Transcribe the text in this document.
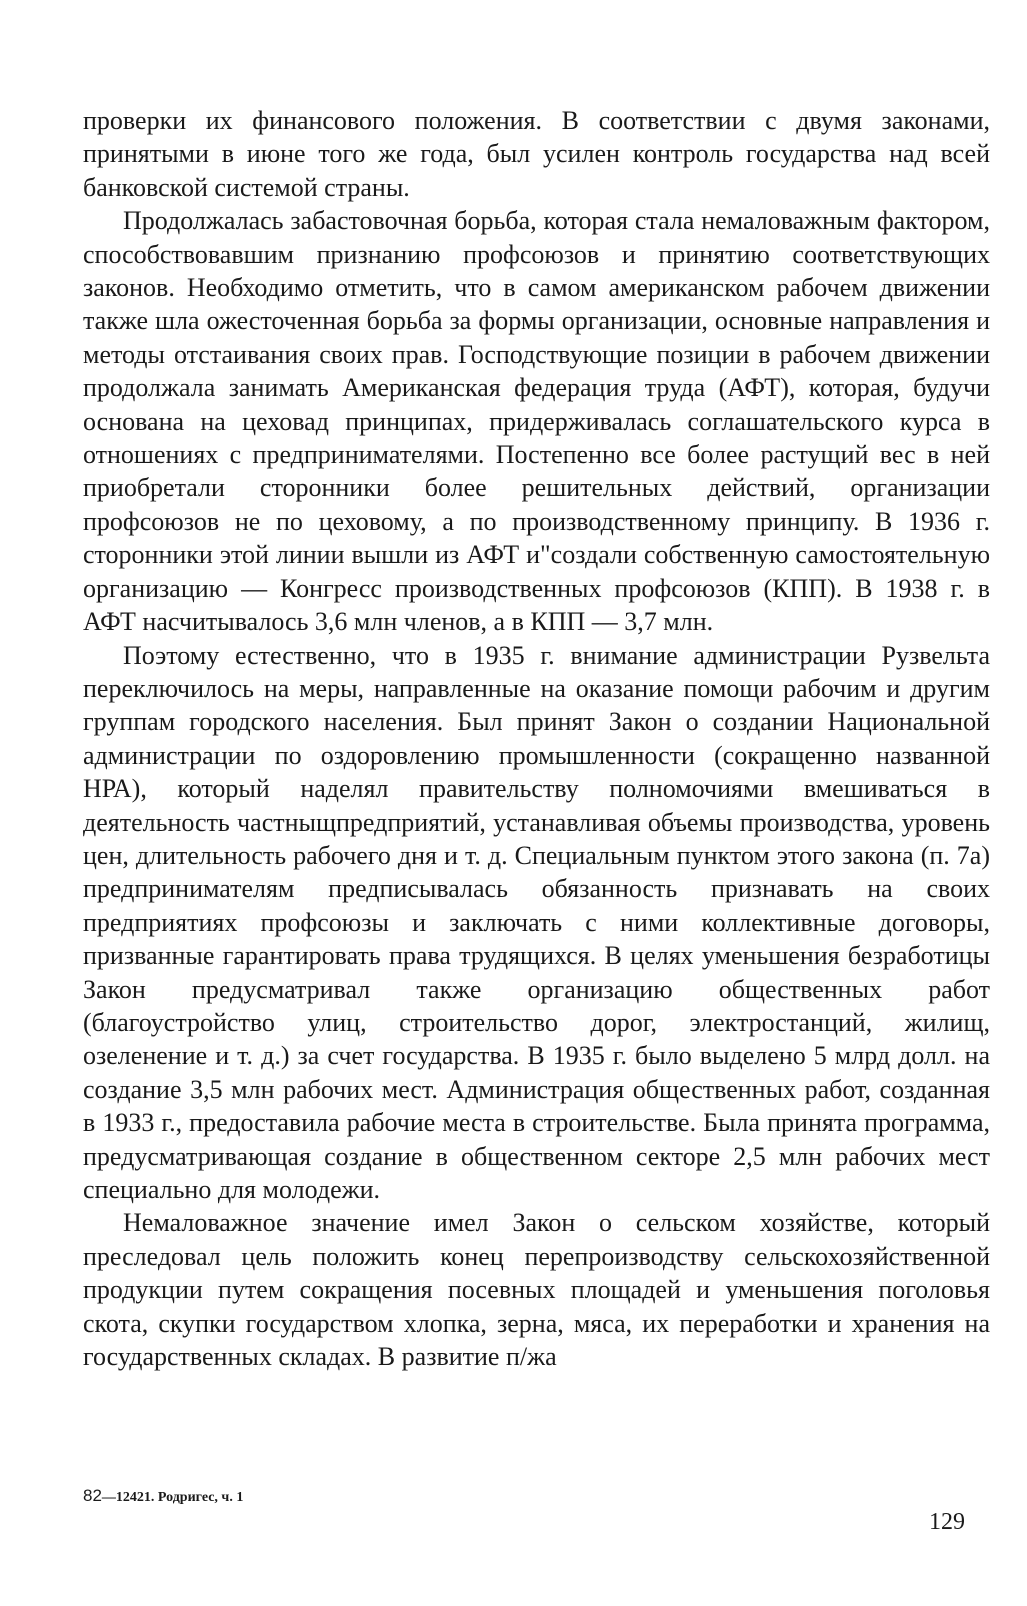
проверки их финансового положения. В соответствии с двумя законами, принятыми в июне того же года, был усилен контроль государства над всей банковской системой страны.

Продолжалась забастовочная борьба, которая стала немаловажным фактором, способствовавшим признанию профсоюзов и принятию соответствующих законов. Необходимо отметить, что в самом американском рабочем движении также шла ожесточенная борьба за формы организации, основные направления и методы отстаивания своих прав. Господствующие позиции в рабочем движении продолжала занимать Американская федерация труда (АФТ), которая, будучи основана на цеховад принципах, придерживалась соглашательского курса в отношениях с предпринимателями. Постепенно все более растущий вес в ней приобретали сторонники более решительных действий, организации профсоюзов не по цеховому, а по производственному принципу. В 1936 г. сторонники этой линии вышли из АФТ и"создали собственную самостоятельную организацию — Конгресс производственных профсоюзов (КПП). В 1938 г. в АФТ насчитывалось 3,6 млн членов, а в КПП — 3,7 млн.

Поэтому естественно, что в 1935 г. внимание администрации Рузвельта переключилось на меры, направленные на оказание помощи рабочим и другим группам городского населения. Был принят Закон о создании Национальной администрации по оздоровлению промышленности (сокращенно названной НРА), который наделял правительству полномочиями вмешиваться в деятельность частныщпредприятий, устанавливая объемы производства, уровень цен, длительность рабочего дня и т. д. Специальным пунктом этого закона (п. 7а) предпринимателям предписывалась обязанность признавать на своих предприятиях профсоюзы и заключать с ними коллективные договоры, призванные гарантировать права трудящихся. В целях уменьшения безработицы Закон предусматривал также организацию общественных работ (благоустройство улиц, строительство дорог, электростанций, жилищ, озеленение и т. д.) за счет государства. В 1935 г. было выделено 5 млрд долл. на создание 3,5 млн рабочих мест. Администрация общественных работ, созданная в 1933 г., предоставила рабочие места в строительстве. Была принята программа, предусматривающая создание в общественном секторе 2,5 млн рабочих мест специально для молодежи.

Немаловажное значение имел Закон о сельском хозяйстве, который преследовал цель положить конец перепроизводству сельскохозяйственной продукции путем сокращения посевных площадей и уменьшения поголовья скота, скупки государством хлопка, зерна, мяса, их переработки и хранения на государственных складах. В развитие п/жа

82—12421. Родригес, ч. 1
129
